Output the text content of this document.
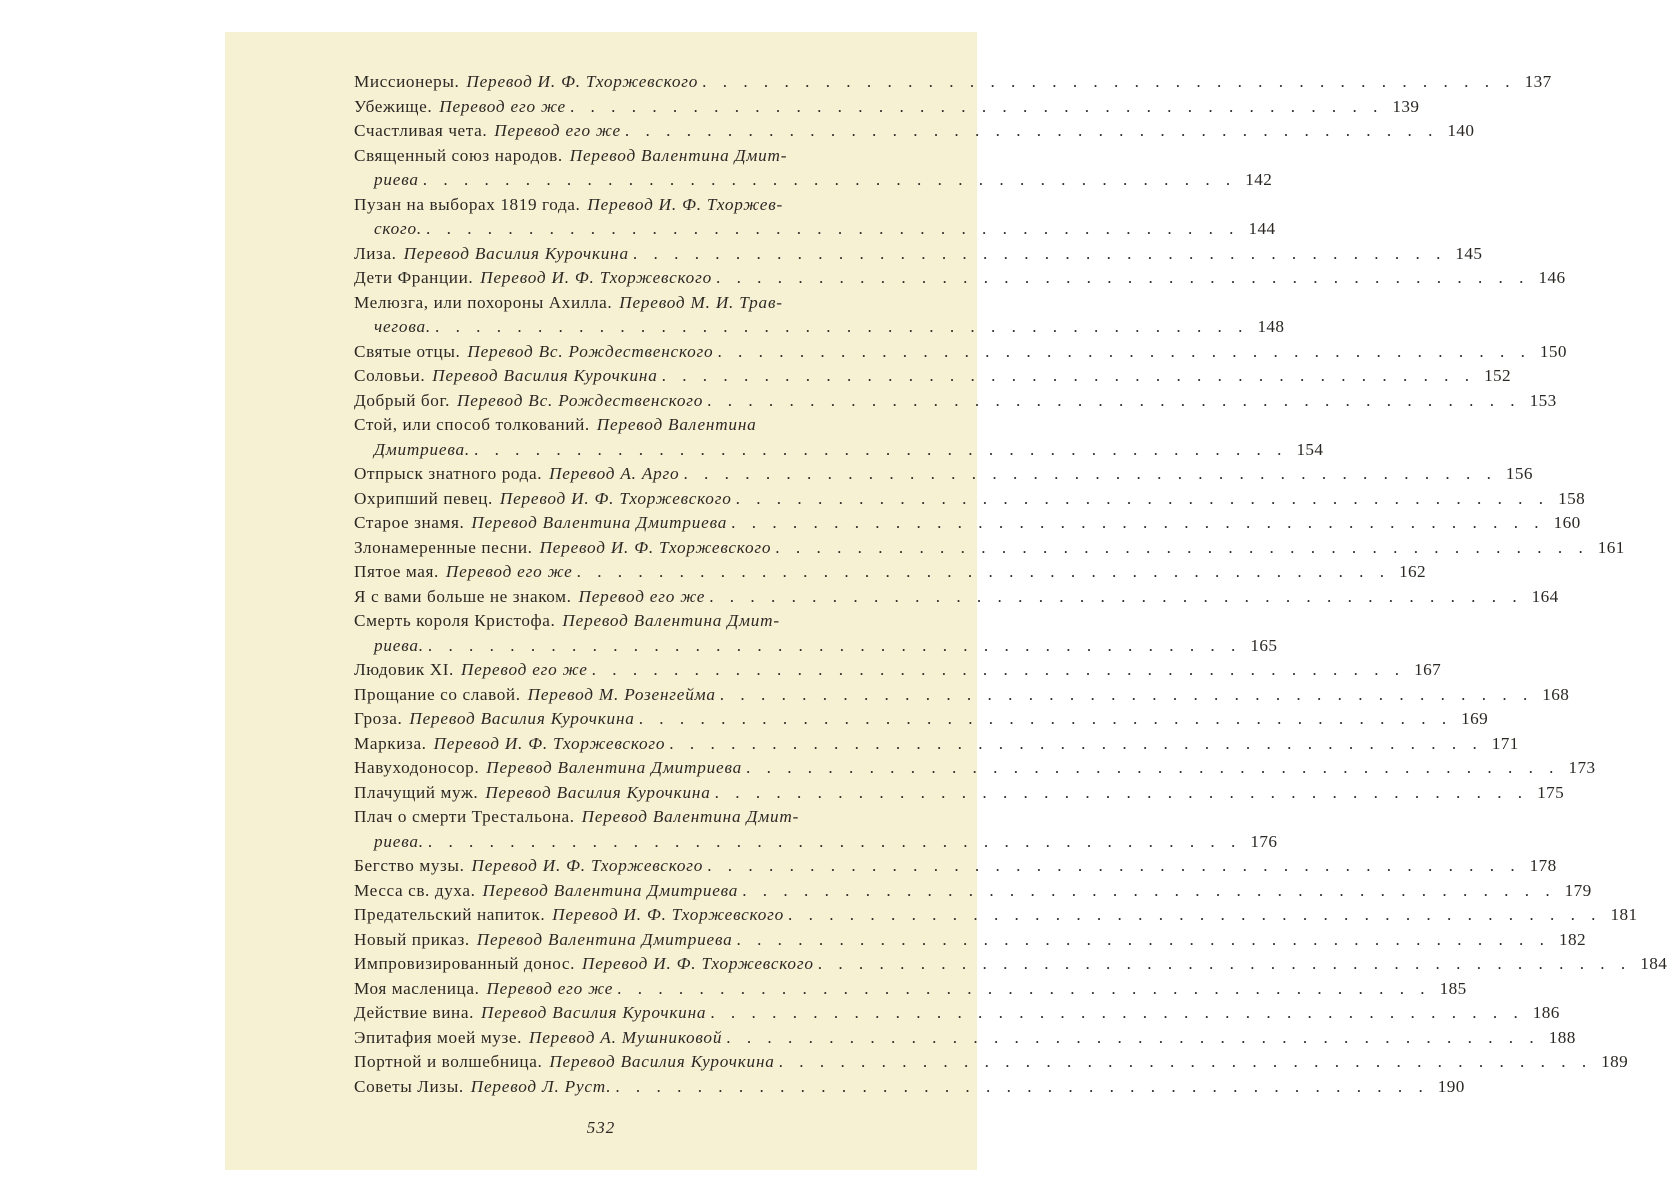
Миссионеры. Перевод И. Ф. Тхоржевского . . . . . . . . . . . . . . . . . . . . . . . . . . . . . . . . . . . . . . . . 137
Убежище. Перевод его же . . . . . . . . . . . . . . . . . . . . . . . . . . . . . . . . . . . . . . . . 139
Счастливая чета. Перевод его же . . . . . . . . . . . . . . . . . . . . . . . . . . . . . . . . . . . . . . . . 140
Священный союз народов. Перевод Валентина Дмит-
риева . . . . . . . . . . . . . . . . . . . . . . . . . . . . . . . . . . . . . . . . 142
Пузан на выборах 1819 года. Перевод И. Ф. Тхоржев-
ского. . . . . . . . . . . . . . . . . . . . . . . . . . . . . . . . . . . . . . . . . 144
Лиза. Перевод Василия Курочкина . . . . . . . . . . . . . . . . . . . . . . . . . . . . . . . . . . . . . . . . 145
Дети Франции. Перевод И. Ф. Тхоржевского . . . . . . . . . . . . . . . . . . . . . . . . . . . . . . . . . . . . . . . . 146
Мелюзга, или похороны Ахилла. Перевод М. И. Трав-
чегова. . . . . . . . . . . . . . . . . . . . . . . . . . . . . . . . . . . . . . . . . 148
Святые отцы. Перевод Вс. Рождественского . . . . . . . . . . . . . . . . . . . . . . . . . . . . . . . . . . . . . . . . 150
Соловьи. Перевод Василия Курочкина . . . . . . . . . . . . . . . . . . . . . . . . . . . . . . . . . . . . . . . . 152
Добрый бог. Перевод Вс. Рождественского . . . . . . . . . . . . . . . . . . . . . . . . . . . . . . . . . . . . . . . . 153
Стой, или способ толкований. Перевод Валентина
Дмитриева. . . . . . . . . . . . . . . . . . . . . . . . . . . . . . . . . . . . . . . . . 154
Отпрыск знатного рода. Перевод А. Арго . . . . . . . . . . . . . . . . . . . . . . . . . . . . . . . . . . . . . . . . 156
Охрипший певец. Перевод И. Ф. Тхоржевского . . . . . . . . . . . . . . . . . . . . . . . . . . . . . . . . . . . . . . . . 158
Старое знамя. Перевод Валентина Дмитриева . . . . . . . . . . . . . . . . . . . . . . . . . . . . . . . . . . . . . . . . 160
Злонамеренные песни. Перевод И. Ф. Тхоржевского . . . . . . . . . . . . . . . . . . . . . . . . . . . . . . . . . . . . . . . . 161
Пятое мая. Перевод его же . . . . . . . . . . . . . . . . . . . . . . . . . . . . . . . . . . . . . . . . 162
Я с вами больше не знаком. Перевод его же . . . . . . . . . . . . . . . . . . . . . . . . . . . . . . . . . . . . . . . . 164
Смерть короля Кристофа. Перевод Валентина Дмит-
риева. . . . . . . . . . . . . . . . . . . . . . . . . . . . . . . . . . . . . . . . . 165
Людовик XI. Перевод его же . . . . . . . . . . . . . . . . . . . . . . . . . . . . . . . . . . . . . . . . 167
Прощание со славой. Перевод М. Розенгейма . . . . . . . . . . . . . . . . . . . . . . . . . . . . . . . . . . . . . . . . 168
Гроза. Перевод Василия Курочкина . . . . . . . . . . . . . . . . . . . . . . . . . . . . . . . . . . . . . . . . 169
Маркиза. Перевод И. Ф. Тхоржевского . . . . . . . . . . . . . . . . . . . . . . . . . . . . . . . . . . . . . . . . 171
Навуходоносор. Перевод Валентина Дмитриева . . . . . . . . . . . . . . . . . . . . . . . . . . . . . . . . . . . . . . . . 173
Плачущий муж. Перевод Василия Курочкина . . . . . . . . . . . . . . . . . . . . . . . . . . . . . . . . . . . . . . . . 175
Плач о смерти Трестальона. Перевод Валентина Дмит-
риева. . . . . . . . . . . . . . . . . . . . . . . . . . . . . . . . . . . . . . . . . 176
Бегство музы. Перевод И. Ф. Тхоржевского . . . . . . . . . . . . . . . . . . . . . . . . . . . . . . . . . . . . . . . . 178
Месса св. духа. Перевод Валентина Дмитриева . . . . . . . . . . . . . . . . . . . . . . . . . . . . . . . . . . . . . . . . 179
Предательский напиток. Перевод И. Ф. Тхоржевского . . . . . . . . . . . . . . . . . . . . . . . . . . . . . . . . . . . . . . . . 181
Новый приказ. Перевод Валентина Дмитриева . . . . . . . . . . . . . . . . . . . . . . . . . . . . . . . . . . . . . . . . 182
Импровизированный донос. Перевод И. Ф. Тхоржевского . . . . . . . . . . . . . . . . . . . . . . . . . . . . . . . . . . . . . . . . 184
Моя масленица. Перевод его же . . . . . . . . . . . . . . . . . . . . . . . . . . . . . . . . . . . . . . . . 185
Действие вина. Перевод Василия Курочкина . . . . . . . . . . . . . . . . . . . . . . . . . . . . . . . . . . . . . . . . 186
Эпитафия моей музе. Перевод А. Мушниковой . . . . . . . . . . . . . . . . . . . . . . . . . . . . . . . . . . . . . . . . 188
Портной и волшебница. Перевод Василия Курочкина . . . . . . . . . . . . . . . . . . . . . . . . . . . . . . . . . . . . . . . . 189
Советы Лизы. Перевод Л. Руст. . . . . . . . . . . . . . . . . . . . . . . . . . . . . . . . . . . . . . . . . 190
532
